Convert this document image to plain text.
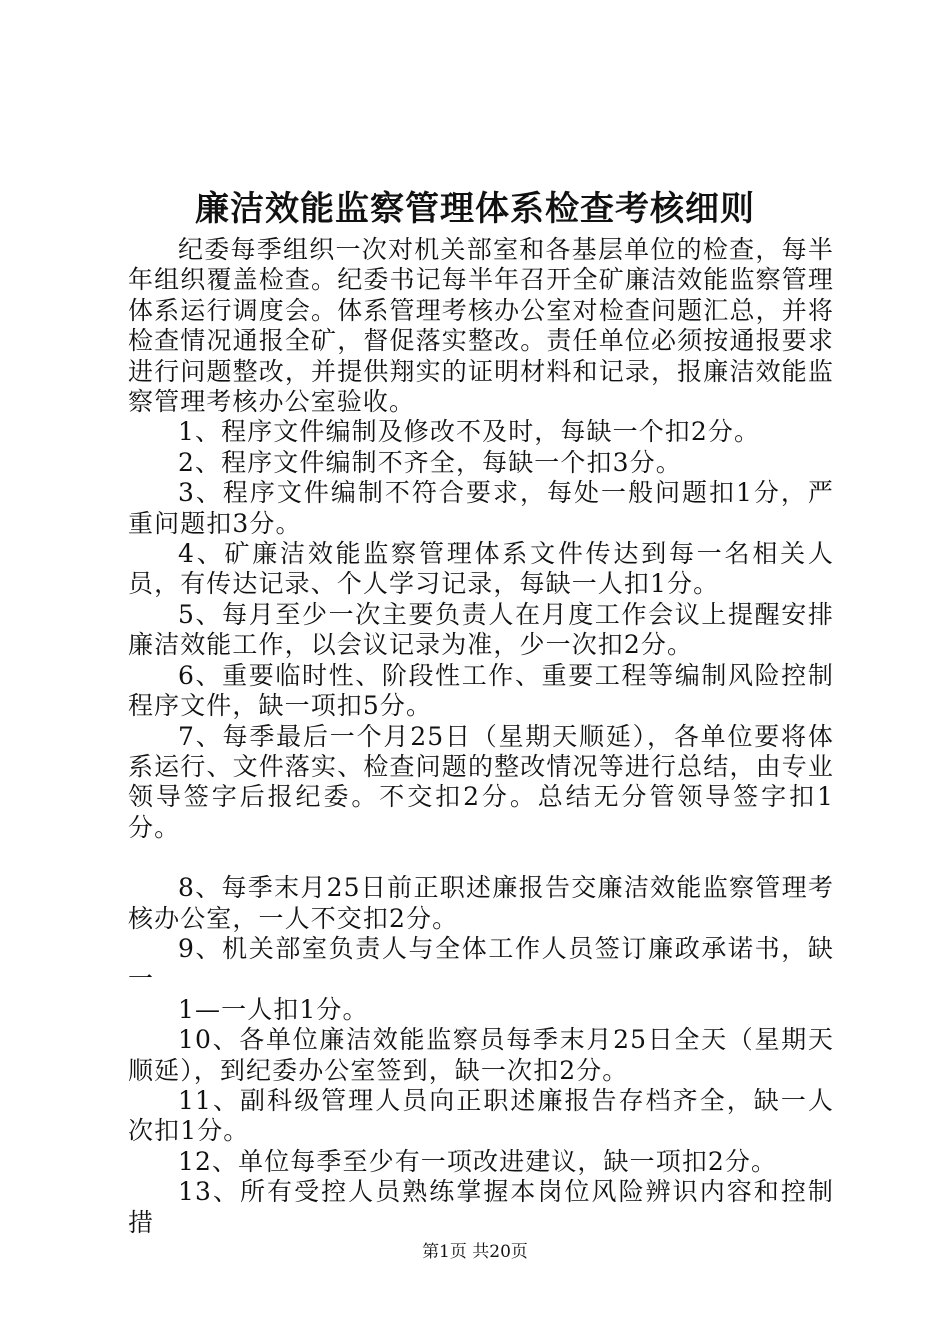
廉洁效能监察管理体系检查考核细则

纪委每季组织一次对机关部室和各基层单位的检查，每半年组织覆盖检查。纪委书记每半年召开全矿廉洁效能监察管理体系运行调度会。体系管理考核办公室对检查问题汇总，并将检查情况通报全矿，督促落实整改。责任单位必须按通报要求进行问题整改，并提供翔实的证明材料和记录，报廉洁效能监察管理考核办公室验收。

1、程序文件编制及修改不及时，每缺一个扣2分。

2、程序文件编制不齐全，每缺一个扣3分。

3、程序文件编制不符合要求，每处一般问题扣1分，严重问题扣3分。

4、矿廉洁效能监察管理体系文件传达到每一名相关人员，有传达记录、个人学习记录，每缺一人扣1分。

5、每月至少一次主要负责人在月度工作会议上提醒安排廉洁效能工作，以会议记录为准，少一次扣2分。

6、重要临时性、阶段性工作、重要工程等编制风险控制程序文件，缺一项扣5分。

7、每季最后一个月25日（星期天顺延），各单位要将体系运行、文件落实、检查问题的整改情况等进行总结，由专业领导签字后报纪委。不交扣2分。总结无分管领导签字扣1分。

8、每季末月25日前正职述廉报告交廉洁效能监察管理考核办公室，一人不交扣2分。

9、机关部室负责人与全体工作人员签订廉政承诺书，缺一

1—一人扣1分。

10、各单位廉洁效能监察员每季末月25日全天（星期天顺延），到纪委办公室签到，缺一次扣2分。

11、副科级管理人员向正职述廉报告存档齐全，缺一人次扣1分。

12、单位每季至少有一项改进建议，缺一项扣2分。

13、所有受控人员熟练掌握本岗位风险辨识内容和控制措

第1页 共20页
